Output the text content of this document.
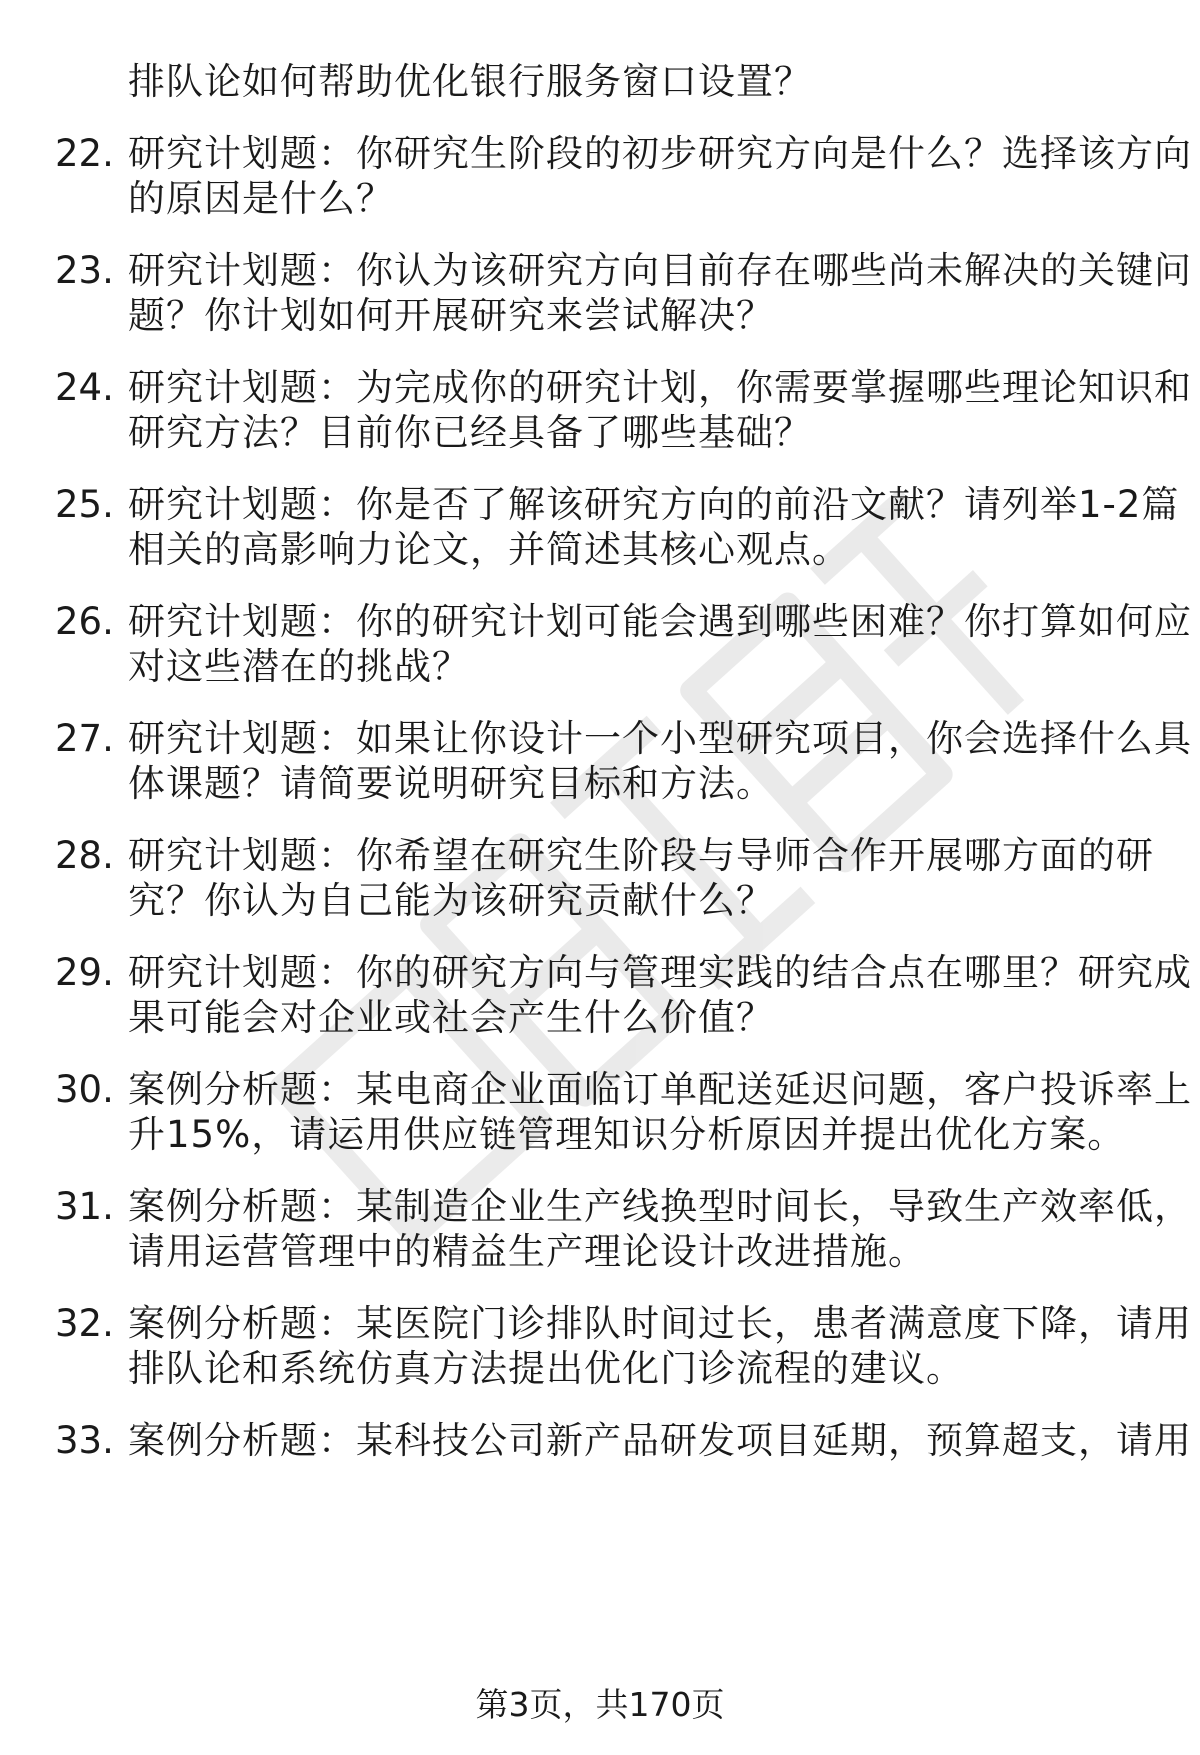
排队论如何帮助优化银行服务窗口设置？
22. 研究计划题：你研究生阶段的初步研究方向是什么？选择该方向
的原因是什么？
23. 研究计划题：你认为该研究方向目前存在哪些尚未解决的关键问
题？你计划如何开展研究来尝试解决？
24. 研究计划题：为完成你的研究计划，你需要掌握哪些理论知识和
研究方法？目前你已经具备了哪些基础？
25. 研究计划题：你是否了解该研究方向的前沿文献？请列举1-2篇
相关的高影响力论文，并简述其核心观点。
26. 研究计划题：你的研究计划可能会遇到哪些困难？你打算如何应
对这些潜在的挑战？
27. 研究计划题：如果让你设计一个小型研究项目，你会选择什么具
体课题？请简要说明研究目标和方法。
28. 研究计划题：你希望在研究生阶段与导师合作开展哪方面的研
究？你认为自己能为该研究贡献什么？
29. 研究计划题：你的研究方向与管理实践的结合点在哪里？研究成
果可能会对企业或社会产生什么价值？
30. 案例分析题：某电商企业面临订单配送延迟问题，客户投诉率上
升15%，请运用供应链管理知识分析原因并提出优化方案。
31. 案例分析题：某制造企业生产线换型时间长，导致生产效率低，
请用运营管理中的精益生产理论设计改进措施。
32. 案例分析题：某医院门诊排队时间过长，患者满意度下降，请用
排队论和系统仿真方法提出优化门诊流程的建议。
33. 案例分析题：某科技公司新产品研发项目延期，预算超支，请用
第3页，共170页
